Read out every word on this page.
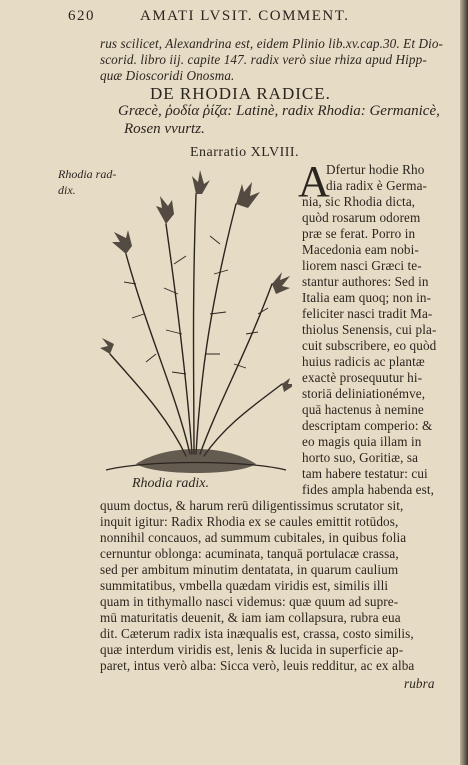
620	AMATI LVSIT. COMMENT.
rus scilicet, Alexandrina est, eidem Plinio lib.xv.cap.30. Et Dio-
scorid. libro iij. capite 147. radix verò siue rhiza apud Hipp-
quæ Dioscoridi Onosma.
DE RHODIA RADICE.
Græcè, ῥοδία ῥίζα: Latinè, radix Rhodia: Germanicè,
Rosen vvurtz.
Enarratio XLVIII.
Rhodia rad-
dix.	A
Dfertur hodie Rho
dia radix è Germa-
nia, sic Rhodia dicta,
quòd rosarum odorem
præ se ferat. Porro in
Macedonia eam nobi-
liorem nasci Græci te-
stantur authores: Sed in
Italia eam quoq; non in-
feliciter nasci tradit Ma-
thiolus Senensis, cui pla-
cuit subscribere, eo quòd
huius radicis ac plantæ
exactè prosequutur hi-
storiā deliniationémve,
quā hactenus à nemine
descriptam comperio: &
eo magis quia illam in
horto suo, Goritiæ, sa
tam habere testatur: cui
fides ampla habenda est,
Rhodia radix.
quum doctus, & harum rerū diligentissimus scrutator sit,
inquit igitur: Radix Rhodia ex se caules emittit rotūdos,
nonnihil concauos, ad summum cubitales, in quibus folia
cernuntur oblonga: acuminata, tanquā portulacæ crassa,
sed per ambitum minutim dentatata, in quarum caulium
summitatibus, vmbella quædam viridis est, similis illi
quam in tithymallo nasci videmus: quæ quum ad supre-
mū maturitatis deuenit, & iam iam collapsura, rubra eua
dit. Cæterum radix ista inæqualis est, crassa, costo similis,
quæ interdum viridis est, lenis & lucida in superficie ap-
paret, intus verò alba: Sicca verò, leuis redditur, ac ex alba
rubra
